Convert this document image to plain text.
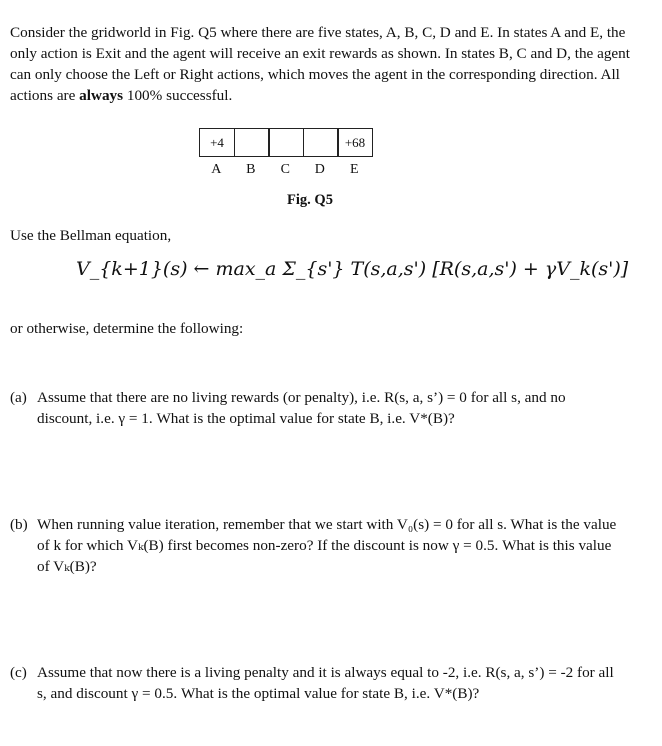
Consider the gridworld in Fig. Q5 where there are five states, A, B, C, D and E. In states A and E, the only action is Exit and the agent will receive an exit rewards as shown. In states B, C and D, the agent can only choose the Left or Right actions, which moves the agent in the corresponding direction. All actions are always 100% successful.
+4	+68
A	B	C	D	E
Fig. Q5
Use the Bellman equation,
V_{k+1}(s) ← max_a Σ_{s'} T(s,a,s') [R(s,a,s') + γV_k(s')]
or otherwise, determine the following:
(a) Assume that there are no living rewards (or penalty), i.e. R(s, a, s’) = 0 for all s, and no discount, i.e. γ = 1. What is the optimal value for state B, i.e. V*(B)?
(b) When running value iteration, remember that we start with V₀(s) = 0 for all s. What is the value of k for which Vₖ(B) first becomes non-zero? If the discount is now γ = 0.5. What is this value of Vₖ(B)?
(c) Assume that now there is a living penalty and it is always equal to -2, i.e. R(s, a, s’) = -2 for all s, and discount γ = 0.5. What is the optimal value for state B, i.e. V*(B)?
